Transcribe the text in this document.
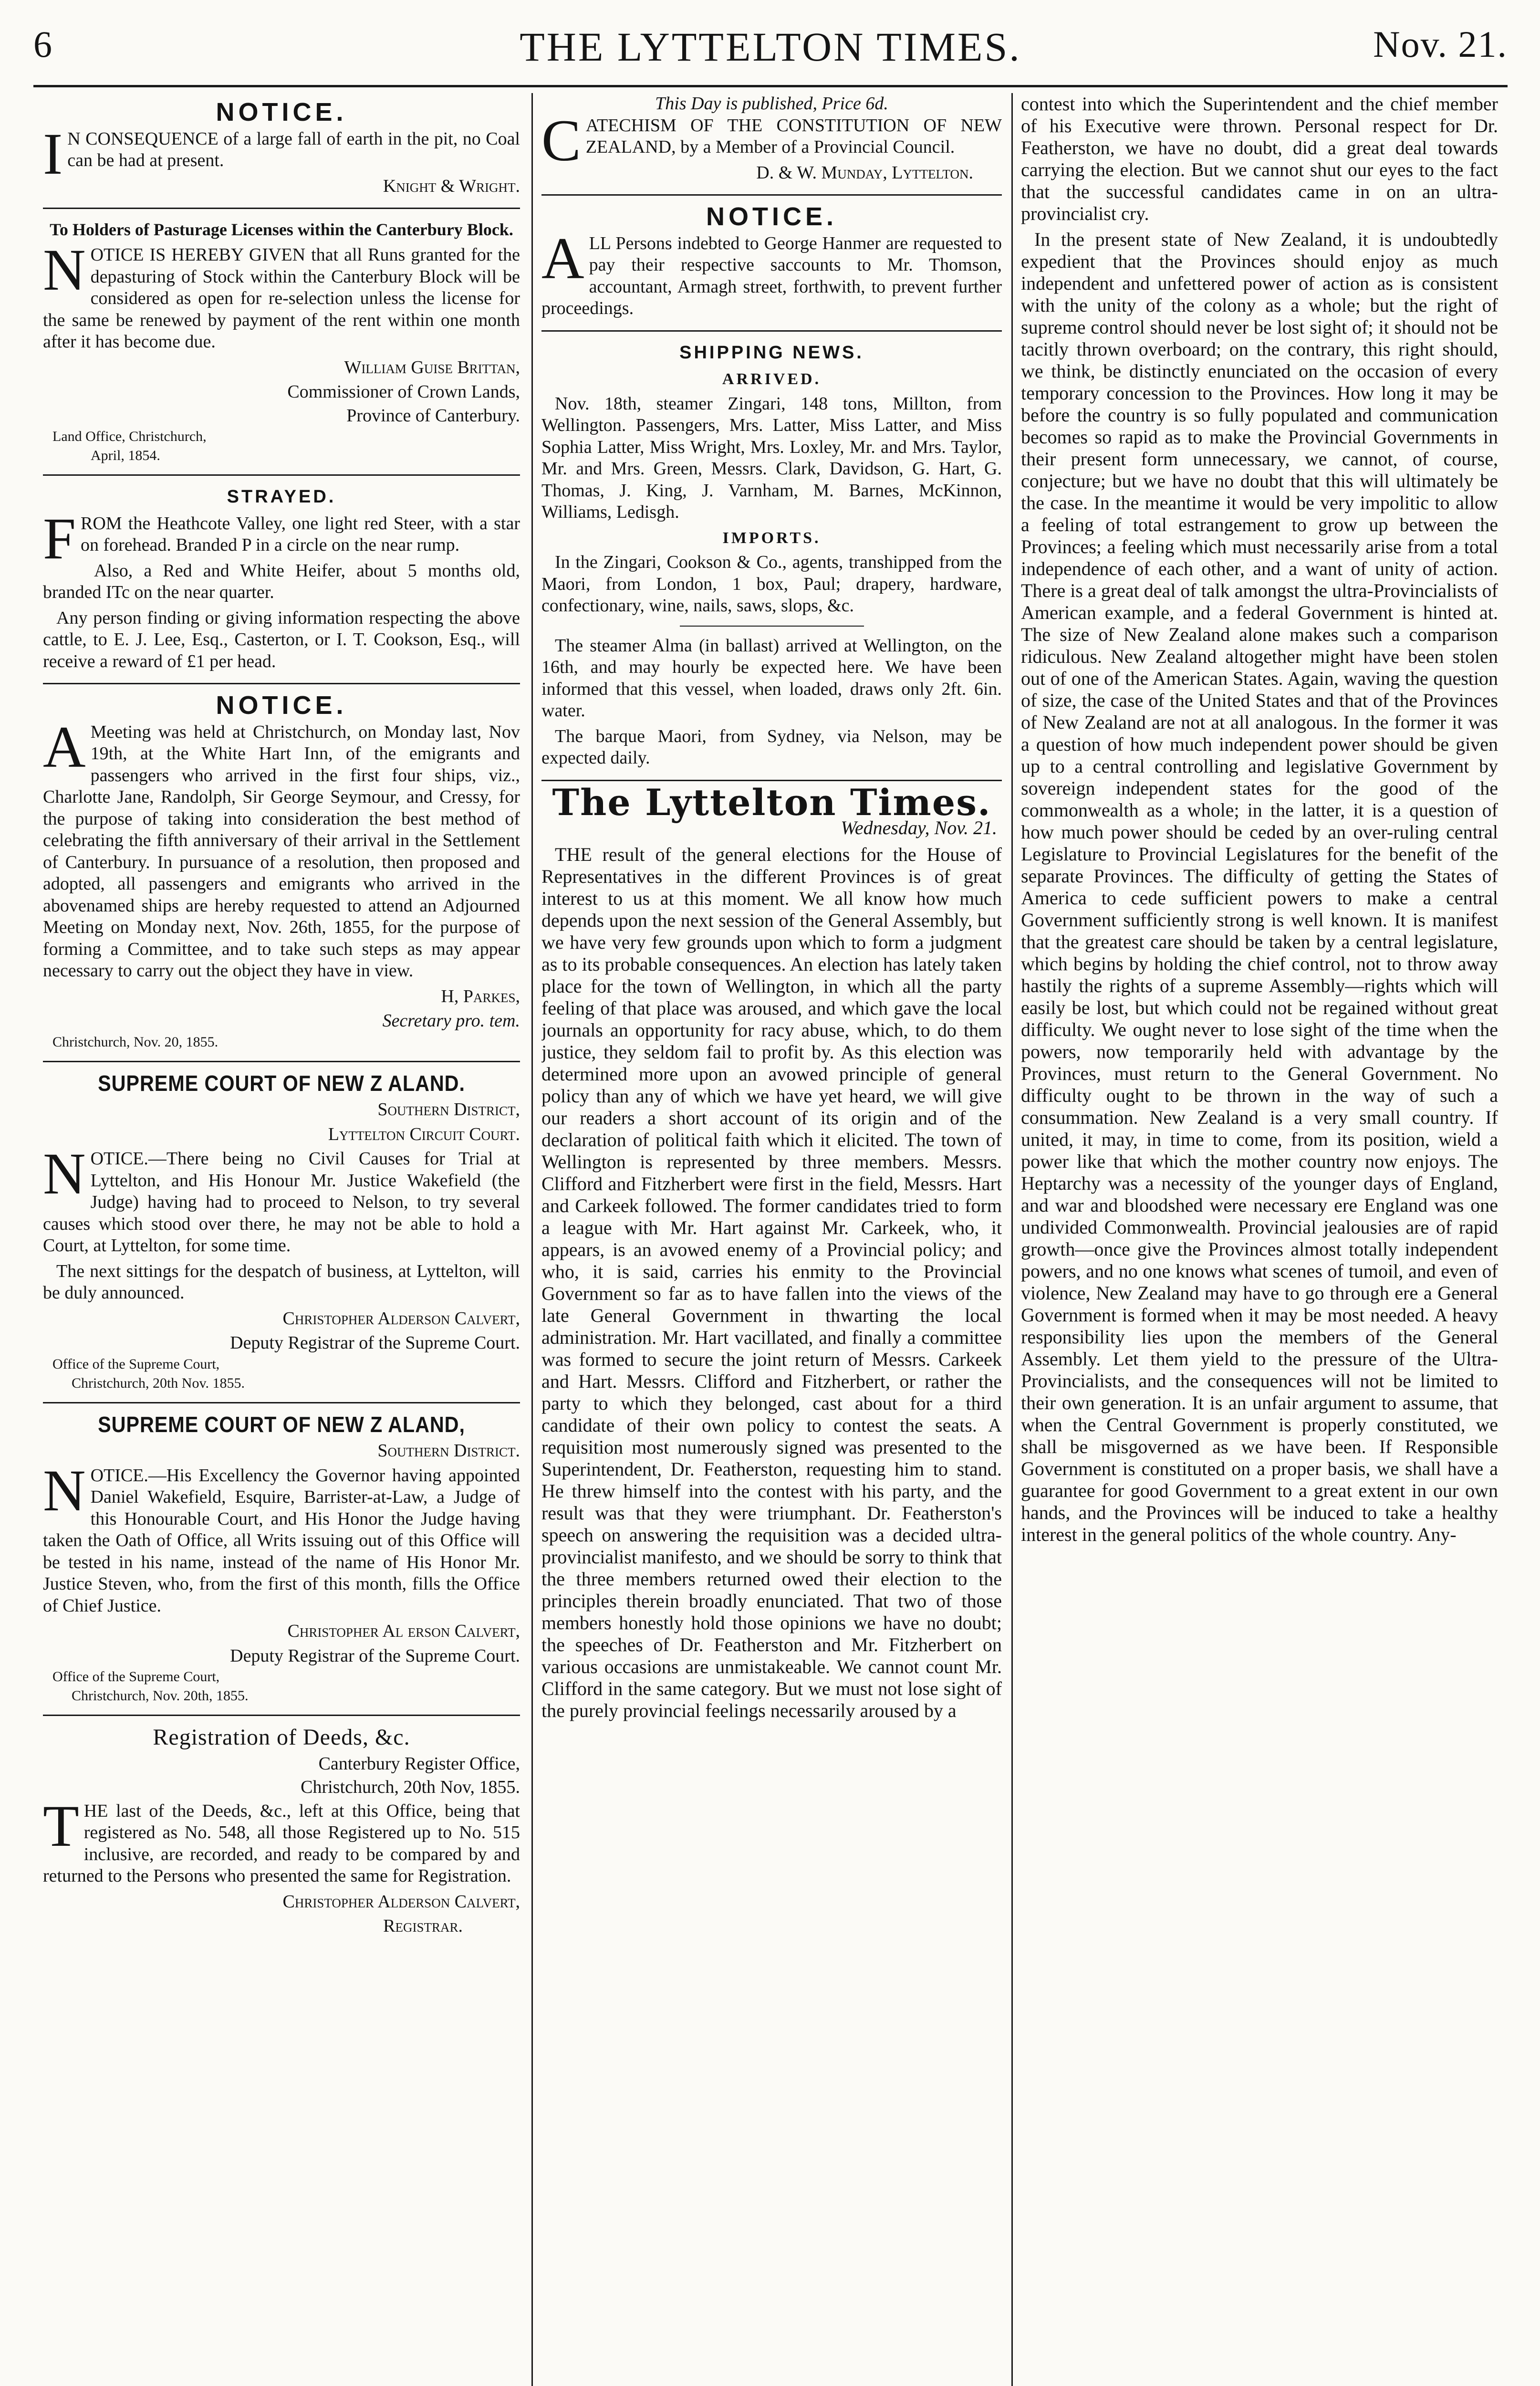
6	THE LYTTELTON TIMES.	Nov. 21.
NOTICE.

IN CONSEQUENCE of a large fall of earth in the pit, no Coal can be had at present.

Knight & Wright.
To Holders of Pasturage Licenses within the Canterbury Block.

NOTICE IS HEREBY GIVEN that all Runs granted for the depasturing of Stock within the Canterbury Block will be considered as open for re-selection unless the license for the same be renewed by payment of the rent within one month after it has become due.

William Guise Brittan,
Commissioner of Crown Lands,
Province of Canterbury.
Land Office, Christchurch,
April, 1854.
STRAYED.

FROM the Heathcote Valley, one light red Steer, with a star on forehead. Branded P in a circle on the near rump.

Also, a Red and White Heifer, about 5 months old, branded ITc on the near quarter.

Any person finding or giving information respecting the above cattle, to E. J. Lee, Esq., Casterton, or I. T. Cookson, Esq., will receive a reward of £1 per head.

NOTICE.

AMeeting was held at Christchurch, on Monday last, Nov 19th, at the White Hart Inn, of the emigrants and passengers who arrived in the first four ships, viz., Charlotte Jane, Randolph, Sir George Seymour, and Cressy, for the purpose of taking into consideration the best method of celebrating the fifth anniversary of their arrival in the Settlement of Canterbury. In pursuance of a resolution, then proposed and adopted, all passengers and emigrants who arrived in the abovenamed ships are hereby requested to attend an Adjourned Meeting on Monday next, Nov. 26th, 1855, for the purpose of forming a Committee, and to take such steps as may appear necessary to carry out the object they have in view.

H, Parkes,
Secretary pro. tem.
Christchurch, Nov. 20, 1855.
SUPREME COURT OF NEW Z ALAND.
Southern District,
Lyttelton Circuit Court.

NOTICE.—There being no Civil Causes for Trial at Lyttelton, and His Honour Mr. Justice Wakefield (the Judge) having had to proceed to Nelson, to try several causes which stood over there, he may not be able to hold a Court, at Lyttelton, for some time.

The next sittings for the despatch of business, at Lyttelton, will be duly announced.

Christopher Alderson Calvert,
Deputy Registrar of the Supreme Court.
Office of the Supreme Court,
Christchurch, 20th Nov. 1855.
SUPREME COURT OF NEW Z ALAND,
Southern District.

NOTICE.—His Excellency the Governor having appointed Daniel Wakefield, Esquire, Barrister-at-Law, a Judge of this Honourable Court, and His Honor the Judge having taken the Oath of Office, all Writs issuing out of this Office will be tested in his name, instead of the name of His Honor Mr. Justice Steven, who, from the first of this month, fills the Office of Chief Justice.

Christopher Al erson Calvert,
Deputy Registrar of the Supreme Court.
Office of the Supreme Court,
Christchurch, Nov. 20th, 1855.
Registration of Deeds, &c.
Canterbury Register Office,
Christchurch, 20th Nov, 1855.

THE last of the Deeds, &c., left at this Office, being that registered as No. 548, all those Registered up to No. 515 inclusive, are recorded, and ready to be compared by and returned to the Persons who presented the same for Registration.

Christopher Alderson Calvert,
Registrar.
This Day is published, Price 6d.

CATECHISM OF THE CONSTITUTION OF NEW ZEALAND, by a Member of a Provincial Council.

D. & W. Munday, Lyttelton.
NOTICE.

ALL Persons indebted to George Hanmer are requested to pay their respective saccounts to Mr. Thomson, accountant, Armagh street, forthwith, to prevent further proceedings.

SHIPPING NEWS.
ARRIVED.

Nov. 18th, steamer Zingari, 148 tons, Millton, from Wellington. Passengers, Mrs. Latter, Miss Latter, and Miss Sophia Latter, Miss Wright, Mrs. Loxley, Mr. and Mrs. Taylor, Mr. and Mrs. Green, Messrs. Clark, Davidson, G. Hart, G. Thomas, J. King, J. Varnham, M. Barnes, McKinnon, Williams, Ledisgh.

IMPORTS.

In the Zingari, Cookson & Co., agents, transhipped from the Maori, from London, 1 box, Paul; drapery, hardware, confectionary, wine, nails, saws, slops, &c.

The steamer Alma (in ballast) arrived at Wellington, on the 16th, and may hourly be expected here. We have been informed that this vessel, when loaded, draws only 2ft. 6in. water.

The barque Maori, from Sydney, via Nelson, may be expected daily.

The Lyttelton Times.
Wednesday, Nov. 21.

THE result of the general elections for the House of Representatives in the different Provinces is of great interest to us at this moment. We all know how much depends upon the next session of the General Assembly, but we have very few grounds upon which to form a judgment as to its probable consequences. An election has lately taken place for the town of Wellington, in which all the party feeling of that place was aroused, and which gave the local journals an opportunity for racy abuse, which, to do them justice, they seldom fail to profit by. As this election was determined more upon an avowed principle of general policy than any of which we have yet heard, we will give our readers a short account of its origin and of the declaration of political faith which it elicited. The town of Wellington is represented by three members. Messrs. Clifford and Fitzherbert were first in the field, Messrs. Hart and Carkeek followed. The former candidates tried to form a league with Mr. Hart against Mr. Carkeek, who, it appears, is an avowed enemy of a Provincial policy; and who, it is said, carries his enmity to the Provincial Government so far as to have fallen into the views of the late General Government in thwarting the local administration. Mr. Hart vacillated, and finally a committee was formed to secure the joint return of Messrs. Carkeek and Hart. Messrs. Clifford and Fitzherbert, or rather the party to which they belonged, cast about for a third candidate of their own policy to contest the seats. A requisition most numerously signed was presented to the Superintendent, Dr. Featherston, requesting him to stand. He threw himself into the contest with his party, and the result was that they were triumphant. Dr. Featherston's speech on answering the requisition was a decided ultra-provincialist manifesto, and we should be sorry to think that the three members returned owed their election to the principles therein broadly enunciated. That two of those members honestly hold those opinions we have no doubt; the speeches of Dr. Featherston and Mr. Fitzherbert on various occasions are unmistakeable. We cannot count Mr. Clifford in the same category. But we must not lose sight of the purely provincial feelings necessarily aroused by a

contest into which the Superintendent and the chief member of his Executive were thrown. Personal respect for Dr. Featherston, we have no doubt, did a great deal towards carrying the election. But we cannot shut our eyes to the fact that the successful candidates came in on an ultra-provincialist cry.

In the present state of New Zealand, it is undoubtedly expedient that the Provinces should enjoy as much independent and unfettered power of action as is consistent with the unity of the colony as a whole; but the right of supreme control should never be lost sight of; it should not be tacitly thrown overboard; on the contrary, this right should, we think, be distinctly enunciated on the occasion of every temporary concession to the Provinces. How long it may be before the country is so fully populated and communication becomes so rapid as to make the Provincial Governments in their present form unnecessary, we cannot, of course, conjecture; but we have no doubt that this will ultimately be the case. In the meantime it would be very impolitic to allow a feeling of total estrangement to grow up between the Provinces; a feeling which must necessarily arise from a total independence of each other, and a want of unity of action. There is a great deal of talk amongst the ultra-Provincialists of American example, and a federal Government is hinted at. The size of New Zealand alone makes such a comparison ridiculous. New Zealand altogether might have been stolen out of one of the American States. Again, waving the question of size, the case of the United States and that of the Provinces of New Zealand are not at all analogous. In the former it was a question of how much independent power should be given up to a central controlling and legislative Government by sovereign independent states for the good of the commonwealth as a whole; in the latter, it is a question of how much power should be ceded by an over-ruling central Legislature to Provincial Legislatures for the benefit of the separate Provinces. The difficulty of getting the States of America to cede sufficient powers to make a central Government sufficiently strong is well known. It is manifest that the greatest care should be taken by a central legislature, which begins by holding the chief control, not to throw away hastily the rights of a supreme Assembly—rights which will easily be lost, but which could not be regained without great difficulty. We ought never to lose sight of the time when the powers, now temporarily held with advantage by the Provinces, must return to the General Government. No difficulty ought to be thrown in the way of such a consummation. New Zealand is a very small country. If united, it may, in time to come, from its position, wield a power like that which the mother country now enjoys. The Heptarchy was a necessity of the younger days of England, and war and bloodshed were necessary ere England was one undivided Commonwealth. Provincial jealousies are of rapid growth—once give the Provinces almost totally independent powers, and no one knows what scenes of tumoil, and even of violence, New Zealand may have to go through ere a General Government is formed when it may be most needed. A heavy responsibility lies upon the members of the General Assembly. Let them yield to the pressure of the Ultra-Provincialists, and the consequences will not be limited to their own generation. It is an unfair argument to assume, that when the Central Government is properly constituted, we shall be misgoverned as we have been. If Responsible Government is constituted on a proper basis, we shall have a guarantee for good Government to a great extent in our own hands, and the Provinces will be induced to take a healthy interest in the general politics of the whole country. Any-
